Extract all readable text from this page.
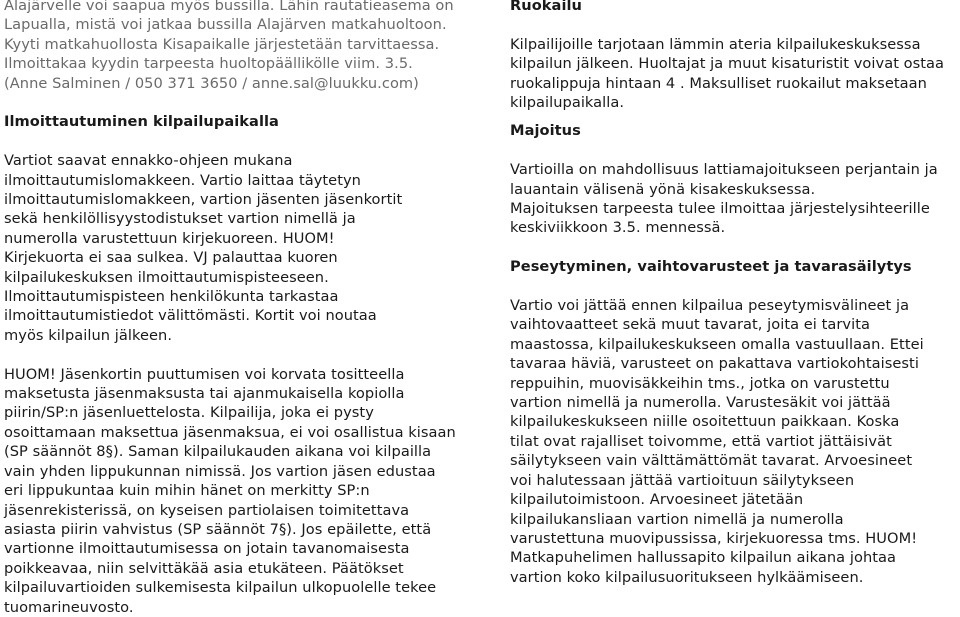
Alajärvelle voi saapua myös bussilla. Lähin rautatieasema on

Lapualla, mistä voi jatkaa bussilla Alajärven matkahuoltoon.

Kyyti matkahuollosta Kisapaikalle järjestetään tarvittaessa.

Ilmoittakaa kyydin tarpeesta huoltopäällikölle viim. 3.5.

(Anne Salminen / 050 371 3650 / anne.sal@luukku.com)

Ilmoittautuminen kilpailupaikalla

Vartiot saavat ennakko-ohjeen mukana

ilmoittautumislomakkeen. Vartio laittaa täytetyn

ilmoittautumislomakkeen, vartion jäsenten jäsenkortit

sekä henkilöllisyystodistukset vartion nimellä ja

numerolla varustettuun kirjekuoreen. HUOM!

Kirjekuorta ei saa sulkea. VJ palauttaa kuoren

kilpailukeskuksen ilmoittautumispisteeseen.

Ilmoittautumispisteen henkilökunta tarkastaa

ilmoittautumistiedot välittömästi. Kortit voi noutaa

myös kilpailun jälkeen.

HUOM! Jäsenkortin puuttumisen voi korvata tositteella

maksetusta jäsenmaksusta tai ajanmukaisella kopiolla

piirin/SP:n jäsenluettelosta. Kilpailija, joka ei pysty

osoittamaan maksettua jäsenmaksua, ei voi osallistua kisaan

(SP säännöt 8§). Saman kilpailukauden aikana voi kilpailla

vain yhden lippukunnan nimissä. Jos vartion jäsen edustaa

eri lippukuntaa kuin mihin hänet on merkitty SP:n

jäsenrekisterissä, on kyseisen partiolaisen toimitettava

asiasta piirin vahvistus (SP säännöt 7§). Jos epäilette, että

vartionne ilmoittautumisessa on jotain tavanomaisesta

poikkeavaa, niin selvittäkää asia etukäteen. Päätökset

kilpailuvartioiden sulkemisesta kilpailun ulkopuolelle tekee

tuomarineuvosto.

Ruokailu

Kilpailijoille tarjotaan lämmin ateria kilpailukeskuksessa

kilpailun jälkeen. Huoltajat ja muut kisaturistit voivat ostaa

ruokalippuja hintaan 4 . Maksulliset ruokailut maksetaan

kilpailupaikalla.

Majoitus

Vartioilla on mahdollisuus lattiamajoitukseen perjantain ja

lauantain välisenä yönä kisakeskuksessa.

Majoituksen tarpeesta tulee ilmoittaa järjestelysihteerille

keskiviikkoon 3.5. mennessä.

Peseytyminen, vaihtovarusteet ja tavarasäilytys

Vartio voi jättää ennen kilpailua peseytymisvälineet ja

vaihtovaatteet sekä muut tavarat, joita ei tarvita

maastossa, kilpailukeskukseen omalla vastuullaan. Ettei

tavaraa häviä, varusteet on pakattava vartiokohtaisesti

reppuihin, muovisäkkeihin tms., jotka on varustettu

vartion nimellä ja numerolla. Varustesäkit voi jättää

kilpailukeskukseen niille osoitettuun paikkaan. Koska

tilat ovat rajalliset toivomme, että vartiot jättäisivät

säilytykseen vain välttämättömät tavarat. Arvoesineet

voi halutessaan jättää vartioituun säilytykseen

kilpailutoimistoon. Arvoesineet jätetään

kilpailukansliaan vartion nimellä ja numerolla

varustettuna muovipussissa, kirjekuoressa tms. HUOM!

Matkapuhelimen hallussapito kilpailun aikana johtaa

vartion koko kilpailusuoritukseen hylkäämiseen.
